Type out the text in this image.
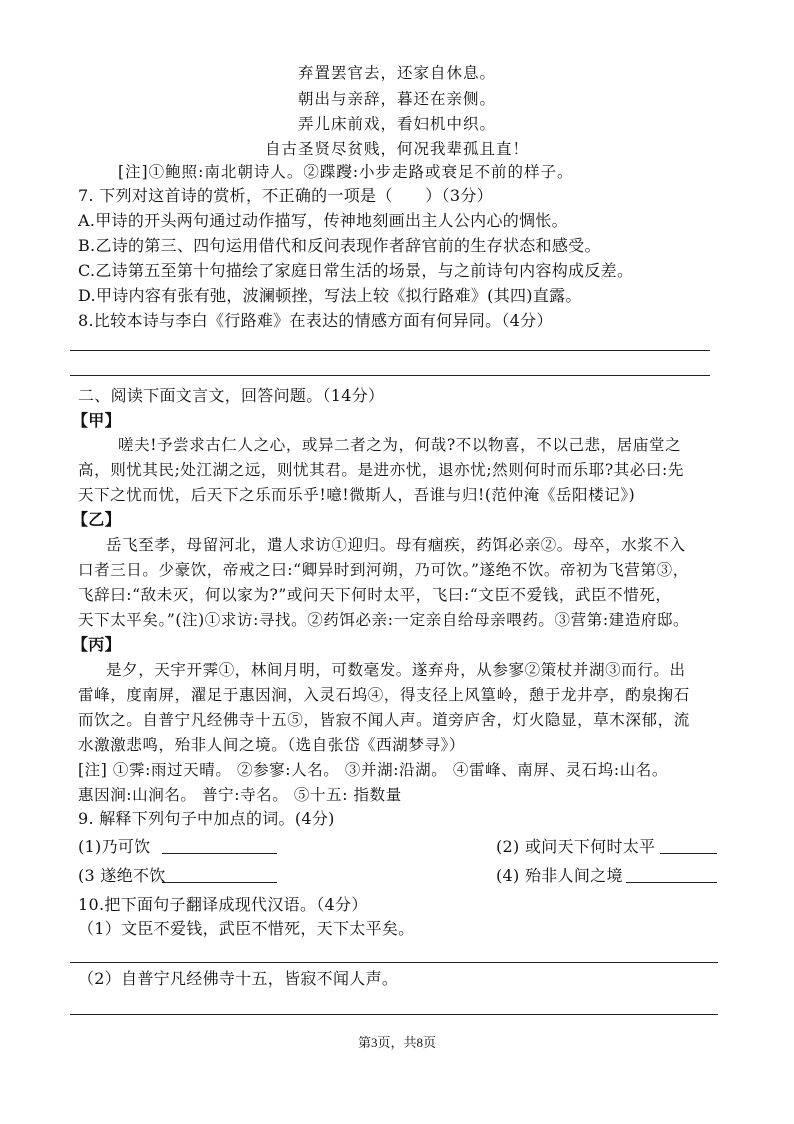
弃置罢官去，还家自休息。
朝出与亲辞，暮还在亲侧。
弄儿床前戏，看妇机中织。
自古圣贤尽贫贱，何况我辈孤且直！
[注]①鲍照:南北朝诗人。②蹀躞:小步走路或衰足不前的样子。
7. 下列对这首诗的赏析，不正确的一项是（　　）（3分）
A.甲诗的开头两句通过动作描写，传神地刻画出主人公内心的惆怅。
B.乙诗的第三、四句运用借代和反问表现作者辞官前的生存状态和感受。
C.乙诗第五至第十句描绘了家庭日常生活的场景，与之前诗句内容构成反差。
D.甲诗内容有张有弛，波澜顿挫，写法上较《拟行路难》(其四)直露。
8.比较本诗与李白《行路难》在表达的情感方面有何异同。（4分）
二、阅读下面文言文，回答问题。（14分）
【甲】
嗟夫!予尝求古仁人之心，或异二者之为，何哉?不以物喜，不以己悲，居庙堂之
高，则忧其民;处江湖之远，则忧其君。是进亦忧，退亦忧;然则何时而乐耶?其必曰:先
天下之忧而忧，后天下之乐而乐乎!噫!微斯人，吾谁与归!(范仲淹《岳阳楼记》)
【乙】
岳飞至孝，母留河北，遣人求访①迎归。母有痼疾，药饵必亲②。母卒，水浆不入
口者三日。少豪饮，帝戒之曰:“卿异时到河朔，乃可饮。”遂绝不饮。帝初为飞营第③，
飞辞曰:“敌未灭，何以家为?”或问天下何时太平，飞曰:“文臣不爱钱，武臣不惜死，
天下太平矣。”(注)①求访:寻找。②药饵必亲:一定亲自给母亲喂药。③营第:建造府邸。
【丙】
是夕，天宇开霁①，林间月明，可数毫发。遂弃舟，从参寥②策杖并湖③而行。出
雷峰，度南屏，濯足于惠因涧，入灵石坞④，得支径上风篁岭，憩于龙井亭，酌泉掬石
而饮之。自普宁凡经佛寺十五⑤，皆寂不闻人声。道旁庐舍，灯火隐显，草木深郁，流
水激激悲鸣，殆非人间之境。（选自张岱《西湖梦寻》）
[注] ①霁:雨过天晴。 ②参寥:人名。 ③并湖:沿湖。 ④雷峰、南屏、灵石坞:山名。
惠因涧:山涧名。 普宁:寺名。 ⑤十五: 指数量
9. 解释下列句子中加点的词。(4分)
(1)乃可饮	(2) 或问天下何时太平
(3 遂绝不饮	(4) 殆非人间之境
10.把下面句子翻译成现代汉语。（4分）
（1）文臣不爱钱，武臣不惜死，天下太平矣。
（2）自普宁凡经佛寺十五，皆寂不闻人声。
第3页，共8页
